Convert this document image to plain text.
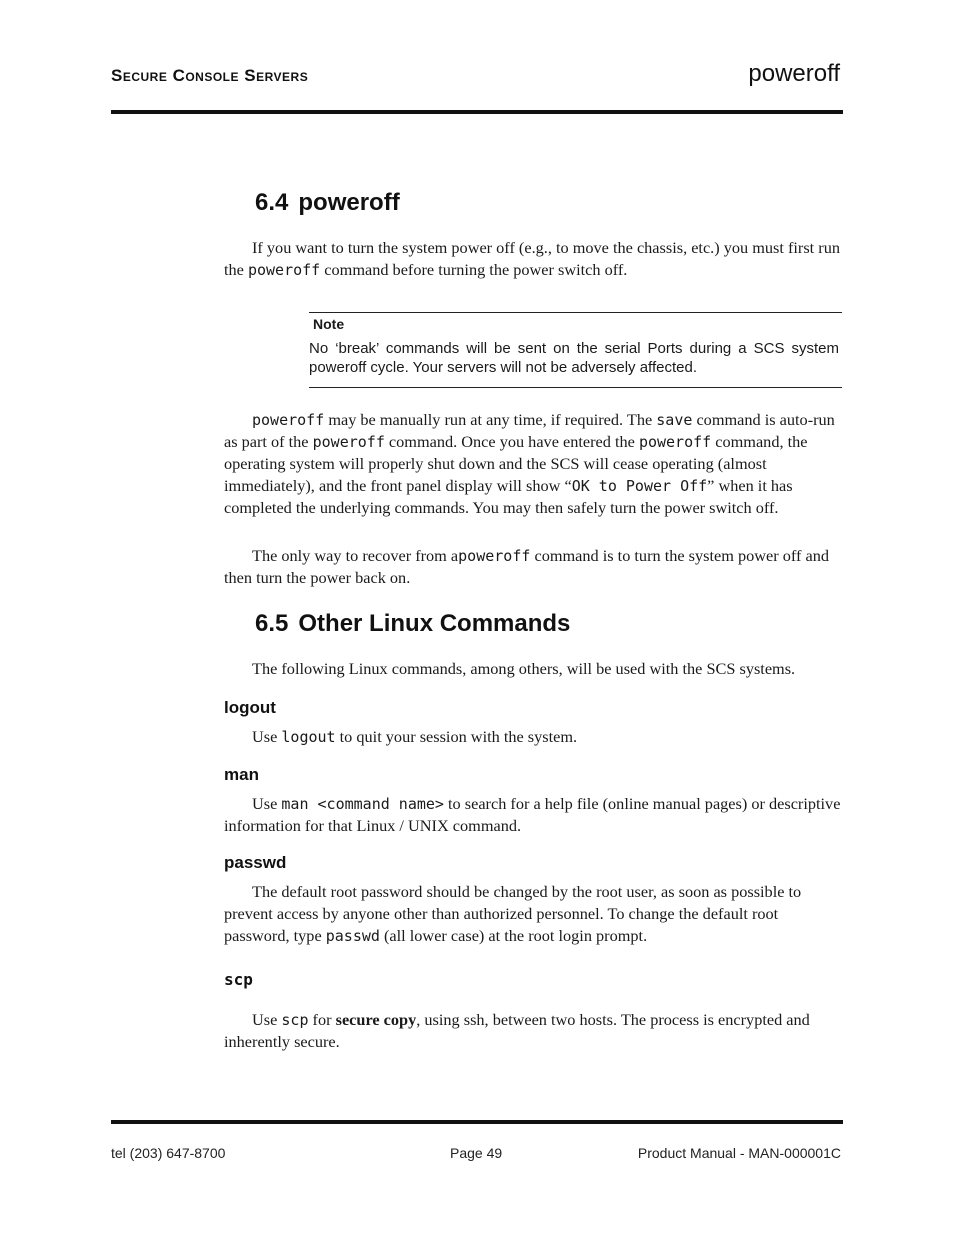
Secure Console Servers	poweroff
6.4 poweroff

If you want to turn the system power off (e.g., to move the chassis, etc.) you must first run the poweroff command before turning the power switch off.

Note

No ‘break’ commands will be sent on the serial Ports during a SCS system poweroff cycle. Your servers will not be adversely affected.

poweroff may be manually run at any time, if required. The save command is auto-run as part of the poweroff command. Once you have entered the poweroff command, the operating system will properly shut down and the SCS will cease operating (almost immediately), and the front panel display will show “OK to Power Off” when it has completed the underlying commands. You may then safely turn the power switch off.

The only way to recover from apoweroff command is to turn the system power off and then turn the power back on.

6.5 Other Linux Commands

The following Linux commands, among others, will be used with the SCS systems.

logout

Use logout to quit your session with the system.

man

Use man <command name> to search for a help file (online manual pages) or descriptive information for that Linux / UNIX command.

passwd

The default root password should be changed by the root user, as soon as possible to prevent access by anyone other than authorized personnel. To change the default root password, type passwd (all lower case) at the root login prompt.

scp

Use scp for secure copy, using ssh, between two hosts. The process is encrypted and inherently secure.

tel (203) 647-8700	Page 49	Product Manual - MAN-000001C
